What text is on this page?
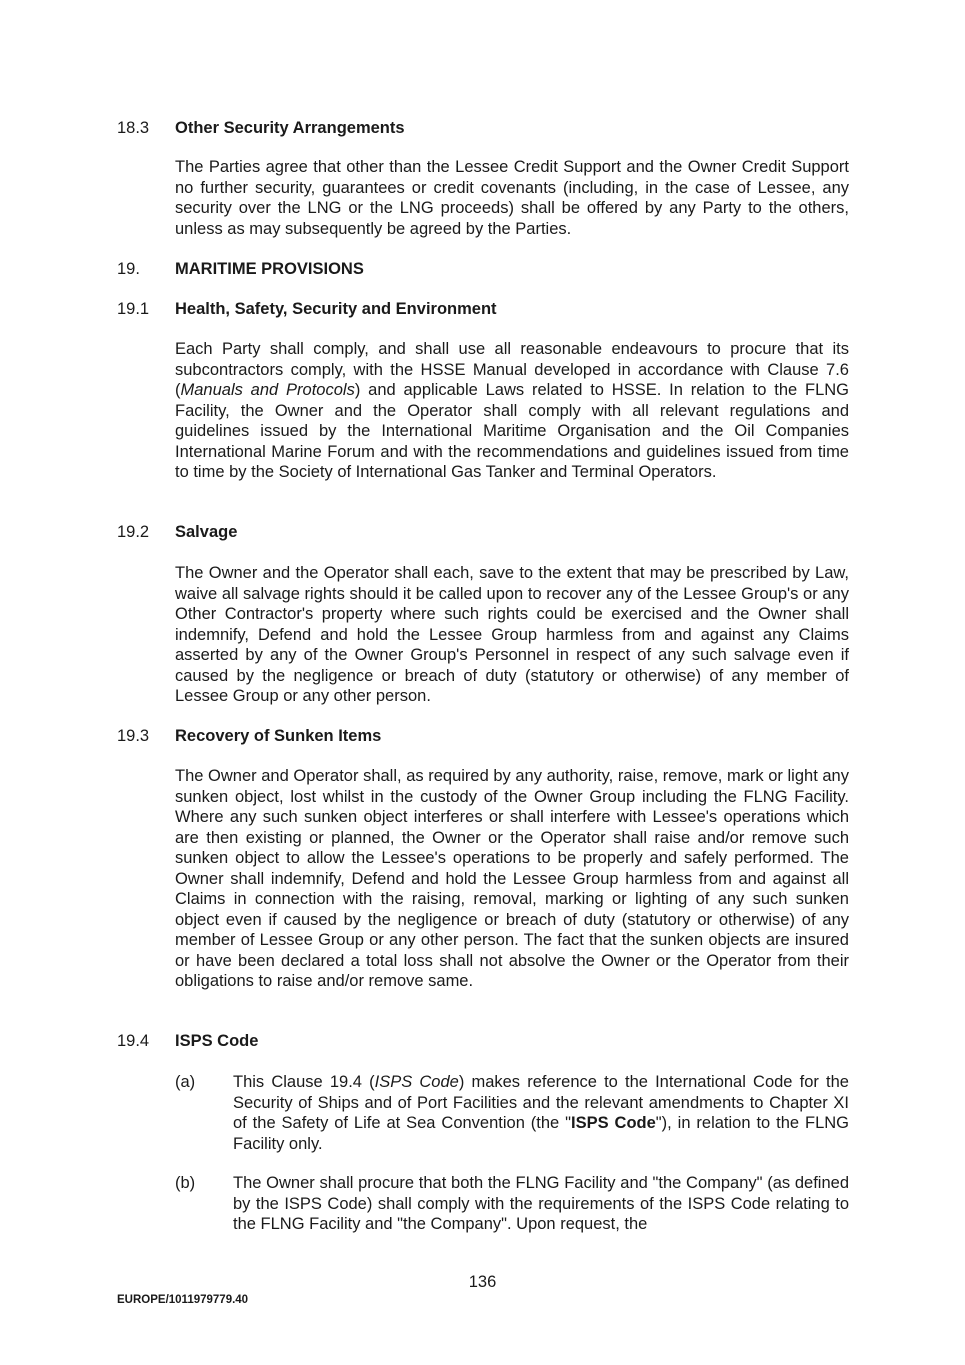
18.3 Other Security Arrangements

The Parties agree that other than the Lessee Credit Support and the Owner Credit Support no further security, guarantees or credit covenants (including, in the case of Lessee, any security over the LNG or the LNG proceeds) shall be offered by any Party to the others, unless as may subsequently be agreed by the Parties.

19. MARITIME PROVISIONS
19.1 Health, Safety, Security and Environment

Each Party shall comply, and shall use all reasonable endeavours to procure that its subcontractors comply, with the HSSE Manual developed in accordance with Clause 7.6 (Manuals and Protocols) and applicable Laws related to HSSE. In relation to the FLNG Facility, the Owner and the Operator shall comply with all relevant regulations and guidelines issued by the International Maritime Organisation and the Oil Companies International Marine Forum and with the recommendations and guidelines issued from time to time by the Society of International Gas Tanker and Terminal Operators.

19.2 Salvage

The Owner and the Operator shall each, save to the extent that may be prescribed by Law, waive all salvage rights should it be called upon to recover any of the Lessee Group's or any Other Contractor's property where such rights could be exercised and the Owner shall indemnify, Defend and hold the Lessee Group harmless from and against any Claims asserted by any of the Owner Group's Personnel in respect of any such salvage even if caused by the negligence or breach of duty (statutory or otherwise) of any member of Lessee Group or any other person.

19.3 Recovery of Sunken Items

The Owner and Operator shall, as required by any authority, raise, remove, mark or light any sunken object, lost whilst in the custody of the Owner Group including the FLNG Facility. Where any such sunken object interferes or shall interfere with Lessee's operations which are then existing or planned, the Owner or the Operator shall raise and/or remove such sunken object to allow the Lessee's operations to be properly and safely performed. The Owner shall indemnify, Defend and hold the Lessee Group harmless from and against all Claims in connection with the raising, removal, marking or lighting of any such sunken object even if caused by the negligence or breach of duty (statutory or otherwise) of any member of Lessee Group or any other person. The fact that the sunken objects are insured or have been declared a total loss shall not absolve the Owner or the Operator from their obligations to raise and/or remove same.

19.4 ISPS Code
(a) This Clause 19.4 (ISPS Code) makes reference to the International Code for the Security of Ships and of Port Facilities and the relevant amendments to Chapter XI of the Safety of Life at Sea Convention (the "ISPS Code"), in relation to the FLNG Facility only.

(b) The Owner shall procure that both the FLNG Facility and "the Company" (as defined by the ISPS Code) shall comply with the requirements of the ISPS Code relating to the FLNG Facility and "the Company". Upon request, the

136
EUROPE/1011979779.40
